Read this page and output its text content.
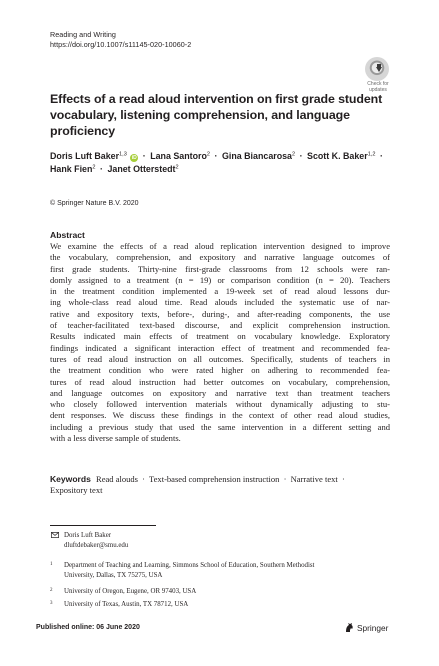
Reading and Writing
https://doi.org/10.1007/s11145-020-10060-2
Check for
updates
Effects of a read aloud intervention on first grade student
vocabulary, listening comprehension, and language
proficiency
Doris Luft Baker$^{1,3}$ iD · Lana Santoro$^2$ · Gina Biancarosa$^2$ · Scott K. Baker$^{1,2}$ ·
Hank Fien$^2$ · Janet Otterstedt$^2$
© Springer Nature B.V. 2020
Abstract
We examine the effects of a read aloud replication intervention designed to improve
the vocabulary, comprehension, and expository and narrative language outcomes of
first grade students. Thirty-nine first-grade classrooms from 12 schools were ran-
domly assigned to a treatment (n = 19) or comparison condition (n = 20). Teachers
in the treatment condition implemented a 19-week set of read aloud lessons dur-
ing whole-class read aloud time. Read alouds included the systematic use of nar-
rative and expository texts, before-, during-, and after-reading components, the use
of teacher-facilitated text-based discourse, and explicit comprehension instruction.
Results indicated main effects of treatment on vocabulary knowledge. Exploratory
findings indicated a significant interaction effect of treatment and recommended fea-
tures of read aloud instruction on all outcomes. Specifically, students of teachers in
the treatment condition who were rated higher on adhering to recommended fea-
tures of read aloud instruction had better outcomes on vocabulary, comprehension,
and language outcomes on expository and narrative text than treatment teachers
who closely followed intervention materials without dynamically adjusting to stu-
dent responses. We discuss these findings in the context of other read aloud studies,
including a previous study that used the same intervention in a different setting and
with a less diverse sample of students.
Keywords Read alouds · Text-based comprehension instruction · Narrative text ·
Expository text
Doris Luft Baker
dluftdebaker@smu.edu
1 Department of Teaching and Learning, Simmons School of Education, Southern Methodist
University, Dallas, TX 75275, USA
2 University of Oregon, Eugene, OR 97403, USA
3 University of Texas, Austin, TX 78712, USA
Published online: 06 June 2020	Springer
